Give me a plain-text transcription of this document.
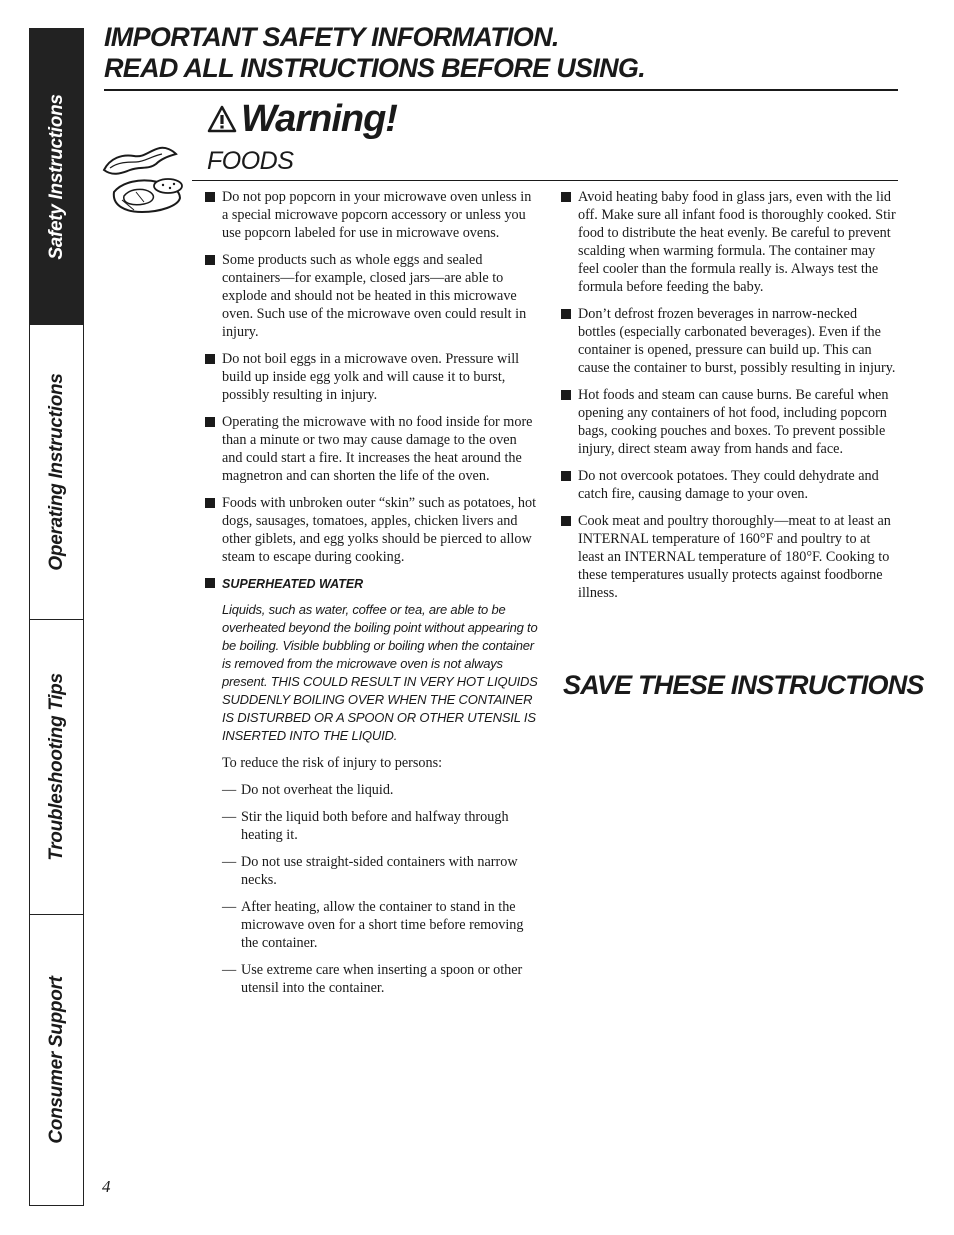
Safety Instructions
Operating Instructions
Troubleshooting Tips
Consumer Support
IMPORTANT SAFETY INFORMATION.
READ ALL INSTRUCTIONS BEFORE USING.
Warning!
FOODS
Do not pop popcorn in your microwave oven unless in a special microwave popcorn accessory or unless you use popcorn labeled for use in microwave ovens.
Some products such as whole eggs and sealed containers—for example, closed jars—are able to explode and should not be heated in this microwave oven. Such use of the microwave oven could result in injury.
Do not boil eggs in a microwave oven. Pressure will build up inside egg yolk and will cause it to burst, possibly resulting in injury.
Operating the microwave with no food inside for more than a minute or two may cause damage to the oven and could start a fire. It increases the heat around the magnetron and can shorten the life of the oven.
Foods with unbroken outer “skin” such as potatoes, hot dogs, sausages, tomatoes, apples, chicken livers and other giblets, and egg yolks should be pierced to allow steam to escape during cooking.
SUPERHEATED WATER
Liquids, such as water, coffee or tea, are able to be overheated beyond the boiling point without appearing to be boiling. Visible bubbling or boiling when the container is removed from the microwave oven is not always present. THIS COULD RESULT IN VERY HOT LIQUIDS SUDDENLY BOILING OVER WHEN THE CONTAINER IS DISTURBED OR A SPOON OR OTHER UTENSIL IS INSERTED INTO THE LIQUID.
To reduce the risk of injury to persons:
— Do not overheat the liquid.
— Stir the liquid both before and halfway through heating it.
— Do not use straight-sided containers with narrow necks.
— After heating, allow the container to stand in the microwave oven for a short time before removing the container.
— Use extreme care when inserting a spoon or other utensil into the container.
Avoid heating baby food in glass jars, even with the lid off. Make sure all infant food is thoroughly cooked. Stir food to distribute the heat evenly. Be careful to prevent scalding when warming formula. The container may feel cooler than the formula really is. Always test the formula before feeding the baby.
Don’t defrost frozen beverages in narrow-necked bottles (especially carbonated beverages). Even if the container is opened, pressure can build up. This can cause the container to burst, possibly resulting in injury.
Hot foods and steam can cause burns. Be careful when opening any containers of hot food, including popcorn bags, cooking pouches and boxes. To prevent possible injury, direct steam away from hands and face.
Do not overcook potatoes. They could dehydrate and catch fire, causing damage to your oven.
Cook meat and poultry thoroughly—meat to at least an INTERNAL temperature of 160°F and poultry to at least an INTERNAL temperature of 180°F. Cooking to these temperatures usually protects against foodborne illness.
SAVE THESE INSTRUCTIONS
4
